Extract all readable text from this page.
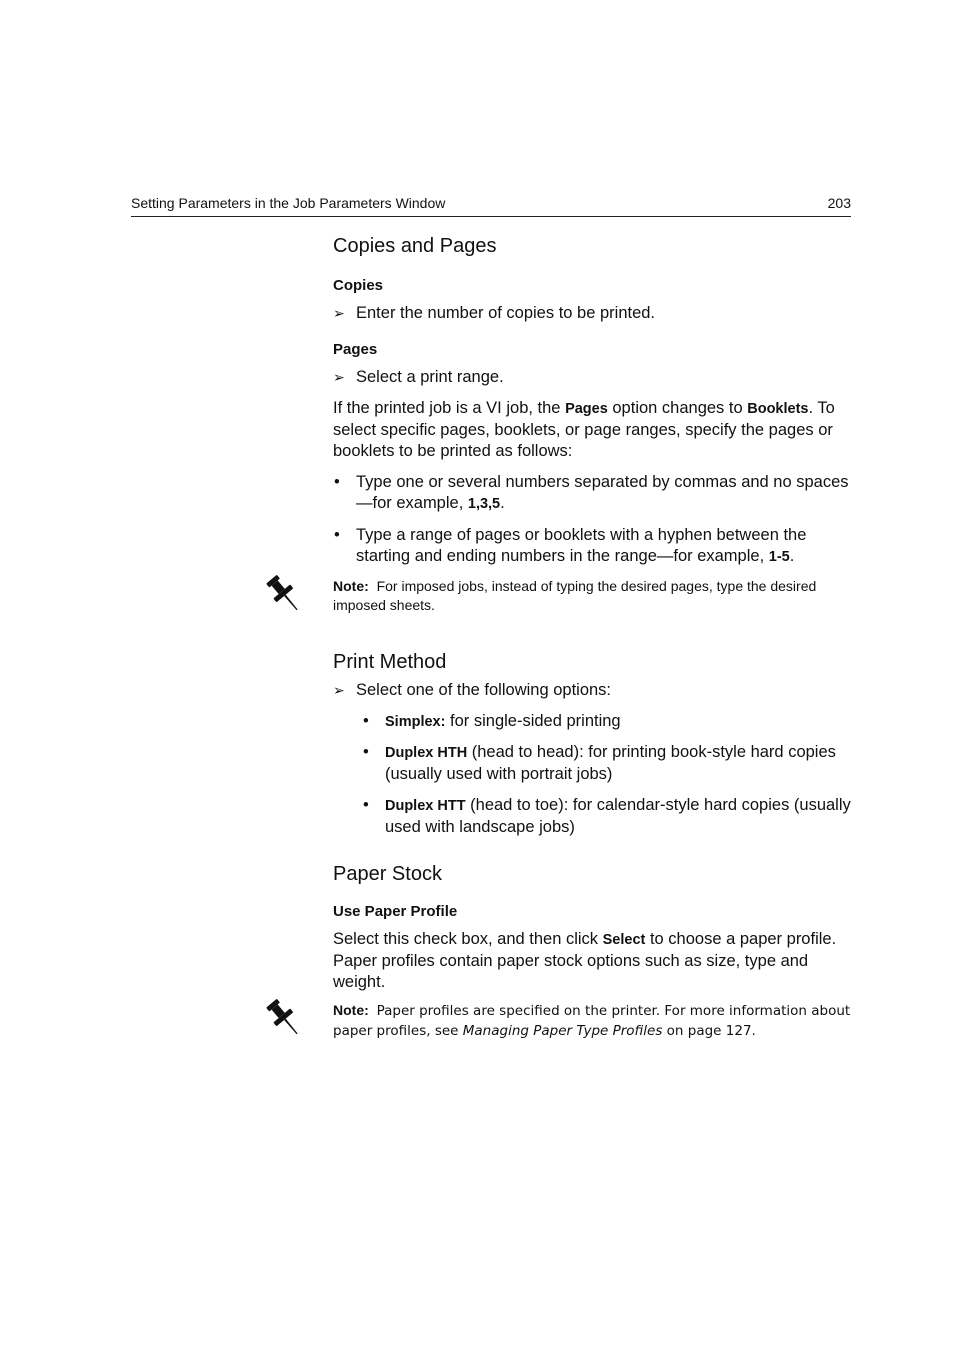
Setting Parameters in the Job Parameters Window	203
Copies and Pages
Copies
➢ Enter the number of copies to be printed.
Pages
➢ Select a print range.

If the printed job is a VI job, the Pages option changes to Booklets. To select specific pages, booklets, or page ranges, specify the pages or booklets to be printed as follows:

• Type one or several numbers separated by commas and no spaces—for example, 1,3,5.
• Type a range of pages or booklets with a hyphen between the starting and ending numbers in the range—for example, 1-5.
Note: For imposed jobs, instead of typing the desired pages, type the desired imposed sheets.
Print Method
➢ Select one of the following options:
• Simplex: for single-sided printing
• Duplex HTH (head to head): for printing book-style hard copies (usually used with portrait jobs)
• Duplex HTT (head to toe): for calendar-style hard copies (usually used with landscape jobs)
Paper Stock
Use Paper Profile

Select this check box, and then click Select to choose a paper profile. Paper profiles contain paper stock options such as size, type and weight.

Note: Paper profiles are specified on the printer. For more information about paper profiles, see Managing Paper Type Profiles on page 127.
